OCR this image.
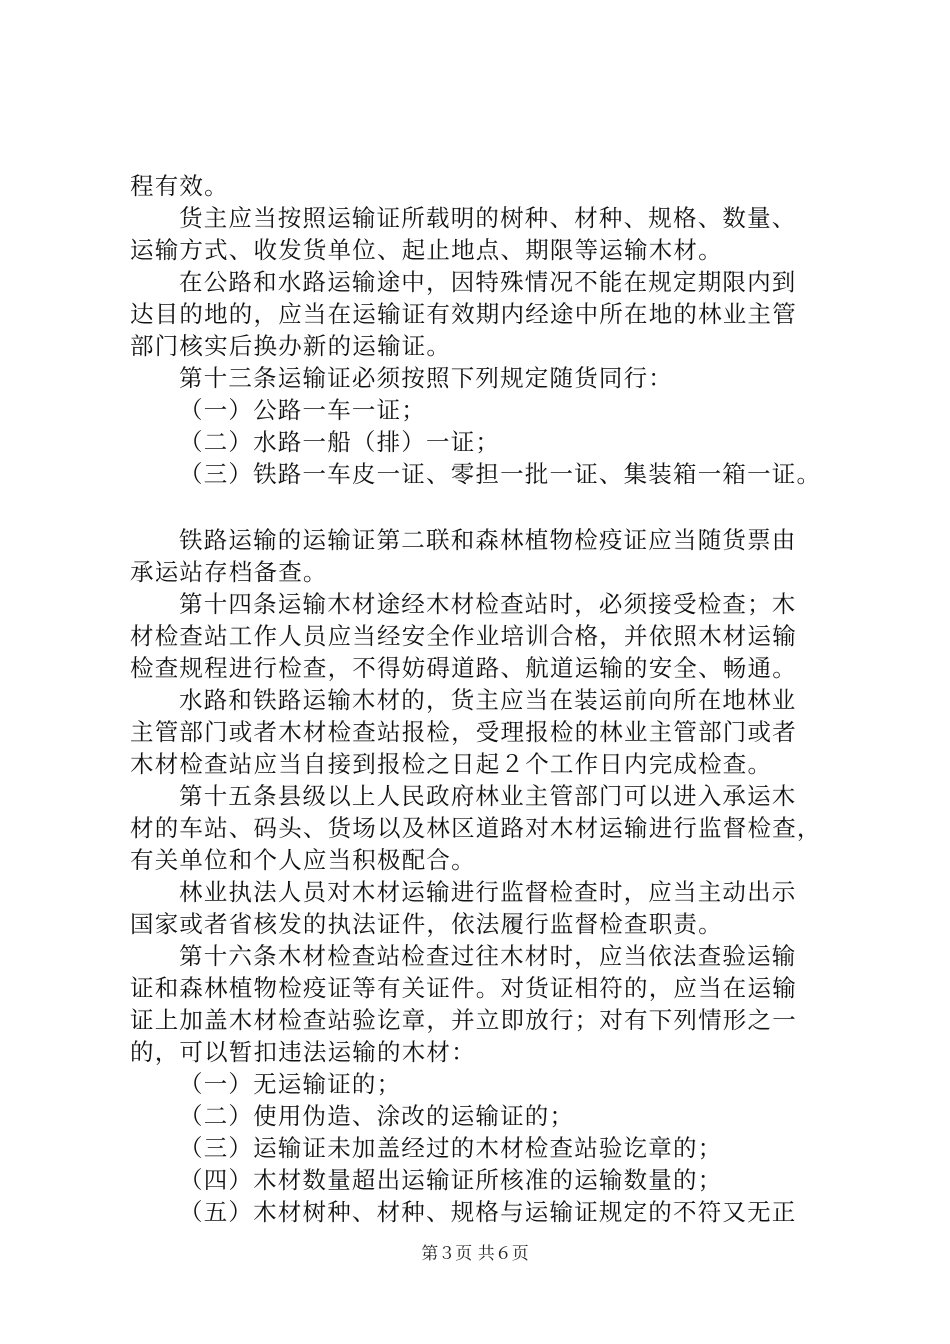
程有效。
货主应当按照运输证所载明的树种、材种、规格、数量、
运输方式、收发货单位、起止地点、期限等运输木材。
在公路和水路运输途中，因特殊情况不能在规定期限内到
达目的地的，应当在运输证有效期内经途中所在地的林业主管
部门核实后换办新的运输证。
第十三条运输证必须按照下列规定随货同行：
（一）公路一车一证；
（二）水路一船（排）一证；
（三）铁路一车皮一证、零担一批一证、集装箱一箱一证。
铁路运输的运输证第二联和森林植物检疫证应当随货票由
承运站存档备查。
第十四条运输木材途经木材检查站时，必须接受检查；木
材检查站工作人员应当经安全作业培训合格，并依照木材运输
检查规程进行检查，不得妨碍道路、航道运输的安全、畅通。
水路和铁路运输木材的，货主应当在装运前向所在地林业
主管部门或者木材检查站报检，受理报检的林业主管部门或者
木材检查站应当自接到报检之日起２个工作日内完成检查。
第十五条县级以上人民政府林业主管部门可以进入承运木
材的车站、码头、货场以及林区道路对木材运输进行监督检查，
有关单位和个人应当积极配合。
林业执法人员对木材运输进行监督检查时，应当主动出示
国家或者省核发的执法证件，依法履行监督检查职责。
第十六条木材检查站检查过往木材时，应当依法查验运输
证和森林植物检疫证等有关证件。对货证相符的，应当在运输
证上加盖木材检查站验讫章，并立即放行；对有下列情形之一
的，可以暂扣违法运输的木材：
（一）无运输证的；
（二）使用伪造、涂改的运输证的；
（三）运输证未加盖经过的木材检查站验讫章的；
（四）木材数量超出运输证所核准的运输数量的；
（五）木材树种、材种、规格与运输证规定的不符又无正
第３页 共６页
